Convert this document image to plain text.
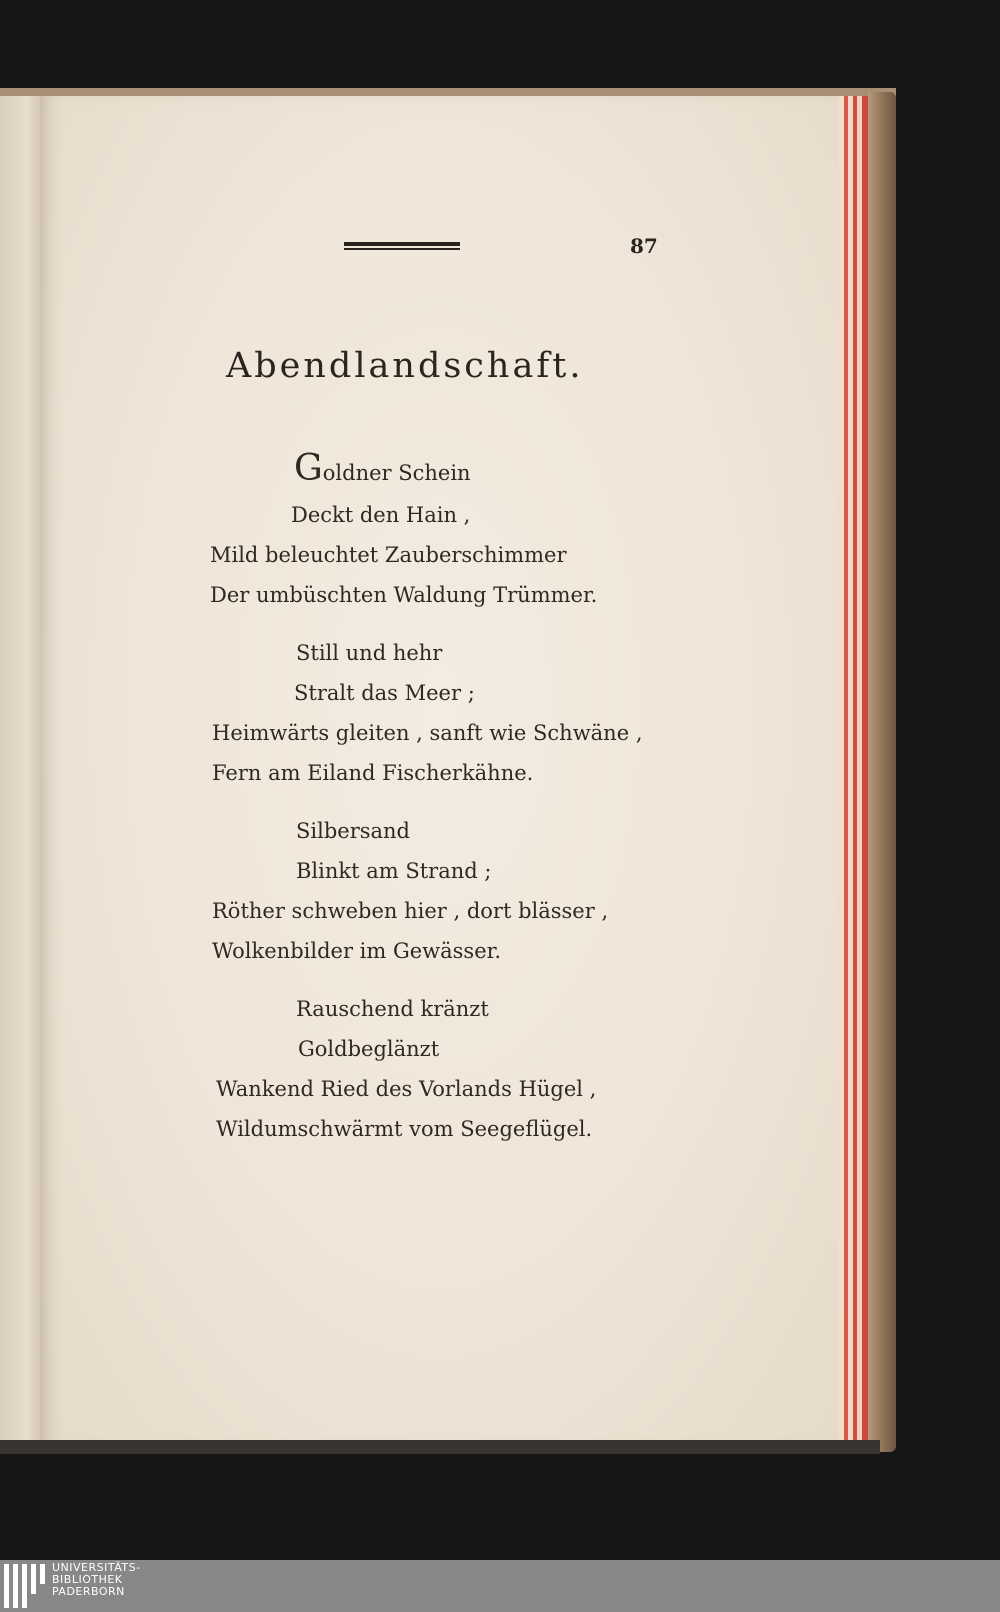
87
Abendlandschaft.
Goldner Schein
Deckt den Hain ,
Mild beleuchtet Zauberschimmer
Der umbüschten Waldung Trümmer.
Still und hehr
Stralt das Meer ;
Heimwärts gleiten , sanft wie Schwäne ,
Fern am Eiland Fischerkähne.
Silbersand
Blinkt am Strand ;
Röther schweben hier , dort blässer ,
Wolkenbilder im Gewässer.
Rauschend kränzt
Goldbeglänzt
Wankend Ried des Vorlands Hügel ,
Wildumschwärmt vom Seegeflügel.
UNIVERSITÄTS-
BIBLIOTHEK
PADERBORN
